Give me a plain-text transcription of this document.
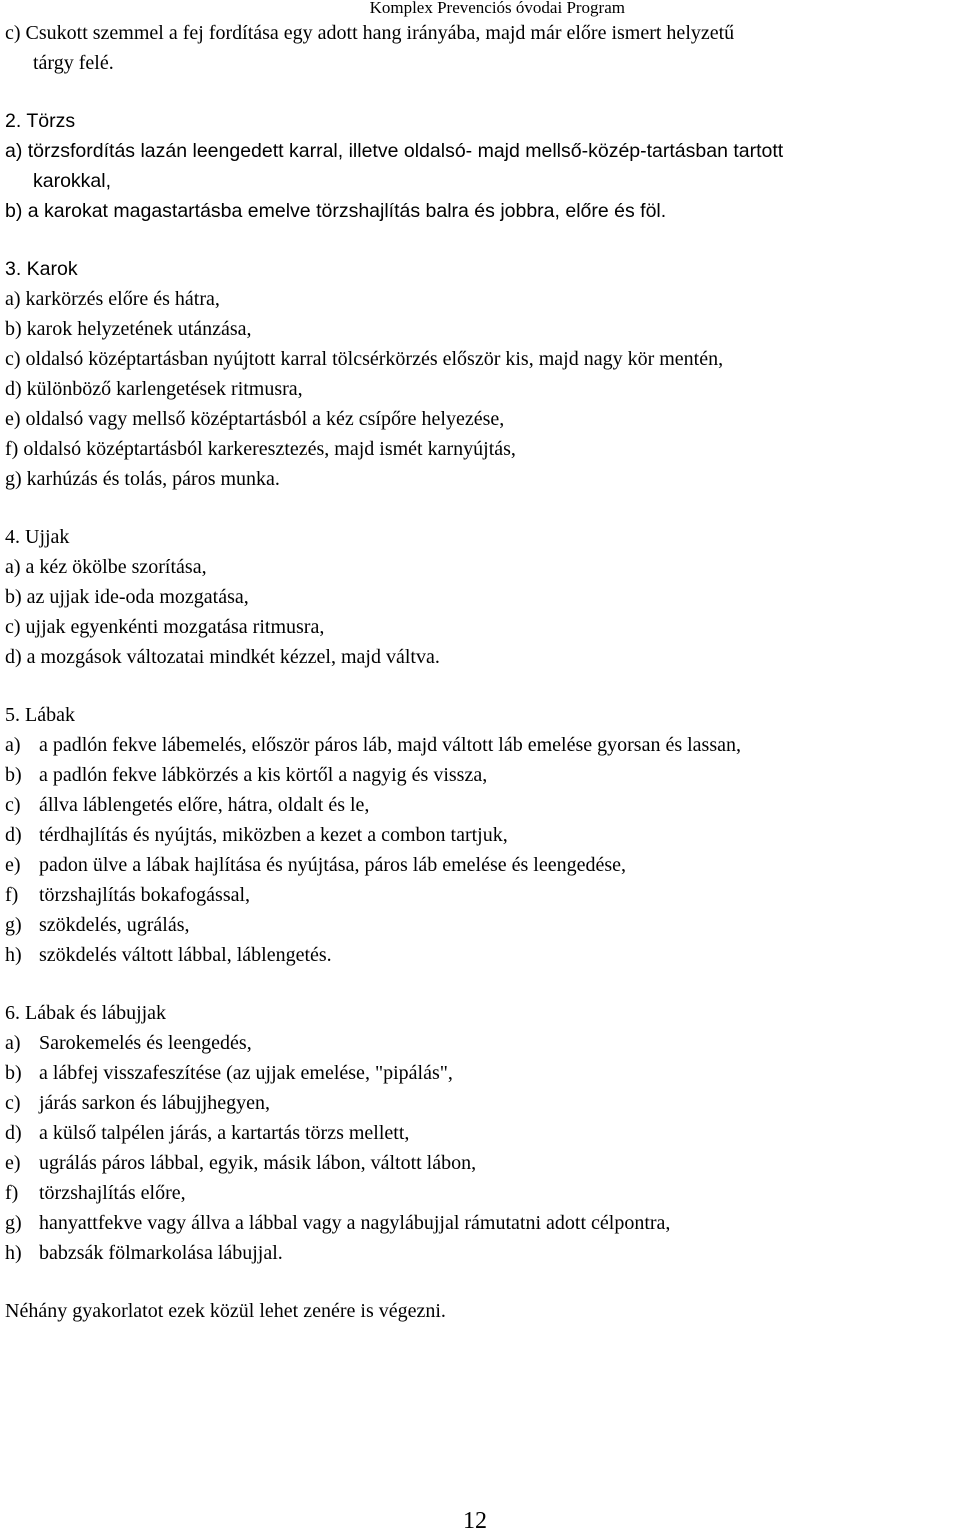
Komplex Prevenciós óvodai Program
c) Csukott szemmel a fej fordítása egy adott hang irányába, majd már előre ismert helyzetű
tárgy felé.
2. Törzs
a) törzsfordítás lazán leengedett karral, illetve oldalsó- majd mellső-közép-tartásban tartott
karokkal,
b) a karokat magastartásba emelve törzshajlítás balra és jobbra, előre és föl.
3. Karok
a) karkörzés előre és hátra,
b) karok helyzetének utánzása,
c) oldalsó középtartásban nyújtott karral tölcsérkörzés először kis, majd nagy kör mentén,
d) különböző karlengetések ritmusra,
e) oldalsó vagy mellső középtartásból a kéz csípőre helyezése,
f) oldalsó középtartásból karkeresztezés, majd ismét karnyújtás,
g) karhúzás és tolás, páros munka.
4. Ujjak
a) a kéz ökölbe szorítása,
b) az ujjak ide-oda mozgatása,
c) ujjak egyenkénti mozgatása ritmusra,
d) a mozgások változatai mindkét kézzel, majd váltva.
5. Lábak
a) a padlón fekve lábemelés, először páros láb, majd váltott láb emelése gyorsan és lassan,
b) a padlón fekve lábkörzés a kis körtől a nagyig és vissza,
c) állva láblengetés előre, hátra, oldalt és le,
d) térdhajlítás és nyújtás, miközben a kezet a combon tartjuk,
e) padon ülve a lábak hajlítása és nyújtása, páros láb emelése és leengedése,
f) törzshajlítás bokafogással,
g) szökdelés, ugrálás,
h) szökdelés váltott lábbal, láblengetés.
6. Lábak és lábujjak
a) Sarokemelés és leengedés,
b) a lábfej visszafeszítése (az ujjak emelése, "pipálás",
c) járás sarkon és lábujjhegyen,
d) a külső talpélen járás, a kartartás törzs mellett,
e) ugrálás páros lábbal, egyik, másik lábon, váltott lábon,
f) törzshajlítás előre,
g) hanyattfekve vagy állva a lábbal vagy a nagylábujjal rámutatni adott célpontra,
h) babzsák fölmarkolása lábujjal.
Néhány gyakorlatot ezek közül lehet zenére is végezni.
12
